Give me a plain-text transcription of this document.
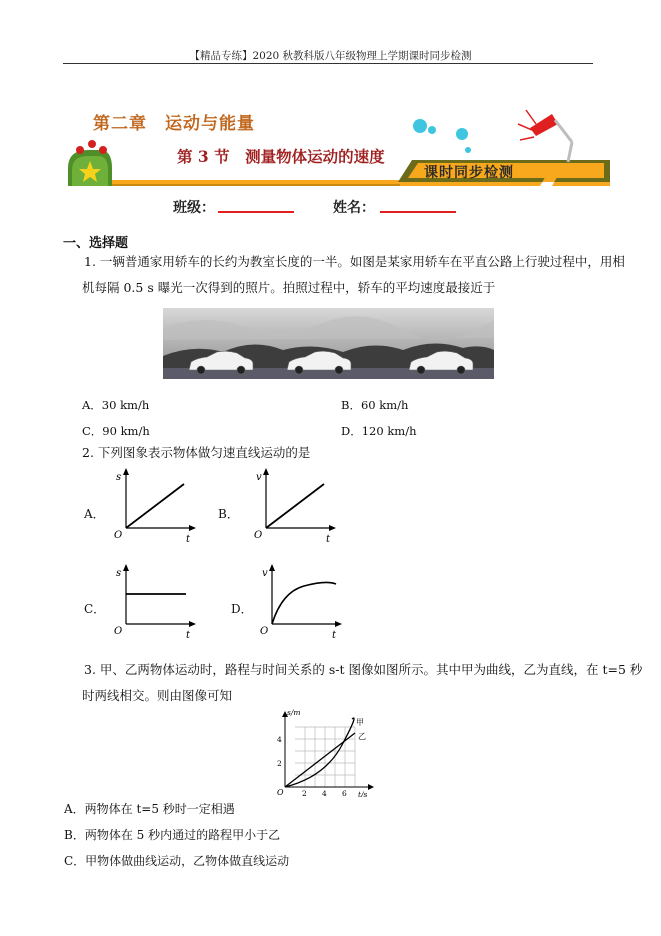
【精品专练】2020 秋教科版八年级物理上学期课时同步检测
第二章　运动与能量
第 3 节　测量物体运动的速度
课时同步检测
班级：	姓名：
一、选择题
1. 一辆普通家用轿车的长约为教室长度的一半。如图是某家用轿车在平直公路上行驶过程中，用相
机每隔 0.5 s 曝光一次得到的照片。拍照过程中，轿车的平均速度最接近于
A．30 km/h	B．60 km/h
C．90 km/h	D．120 km/h
2. 下列图象表示物体做匀速直线运动的是
A．	B．
C．	D．
s
O	t
v
O	t
s
O	t
v
O	t
3. 甲、乙两物体运动时，路程与时间关系的 s-t 图像如图所示。其中甲为曲线，乙为直线，在 t=5 秒
时两线相交。则由图像可知
s/m
t/s
O 2 4 6
2
4
甲
乙
A．两物体在 t=5 秒时一定相遇
B．两物体在 5 秒内通过的路程甲小于乙
C．甲物体做曲线运动，乙物体做直线运动
